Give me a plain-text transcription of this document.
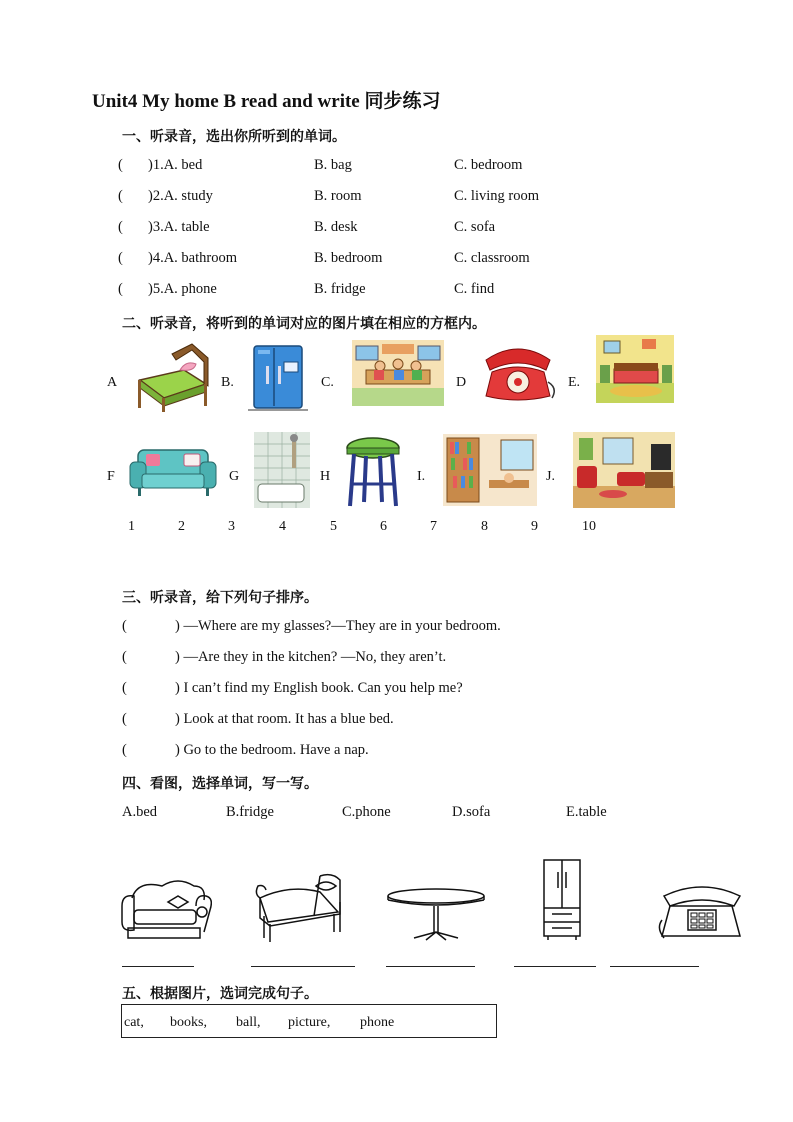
Unit4 My home B read and write 同步练习
一、听录音，选出你所听到的单词。
( )1.A. bed	B. bag	C. bedroom
( )2.A. study	B. room	C. living room
( )3.A. table	B. desk	C. sofa
( )4.A. bathroom	B. bedroom	C. classroom
( )5.A. phone	B. fridge	C. find
二、听录音，将听到的单词对应的图片填在相应的方框内。
A	B.	C.	D	E.
F	G	H	I.	J.
1	2	3	4	5	6	7	8	9	10
三、听录音，给下列句子排序。
(	) —Where are my glasses?—They are in your bedroom.
(	) —Are they in the kitchen? —No, they aren’t.
(	) I can’t find my English book. Can you help me?
(	) Look at that room. It has a blue bed.
(	) Go to the bedroom. Have a nap.
四、看图，选择单词，写一写。
A.bed	B.fridge	C.phone	D.sofa	E.table
五、根据图片，选词完成句子。
cat, books, ball, picture, phone
